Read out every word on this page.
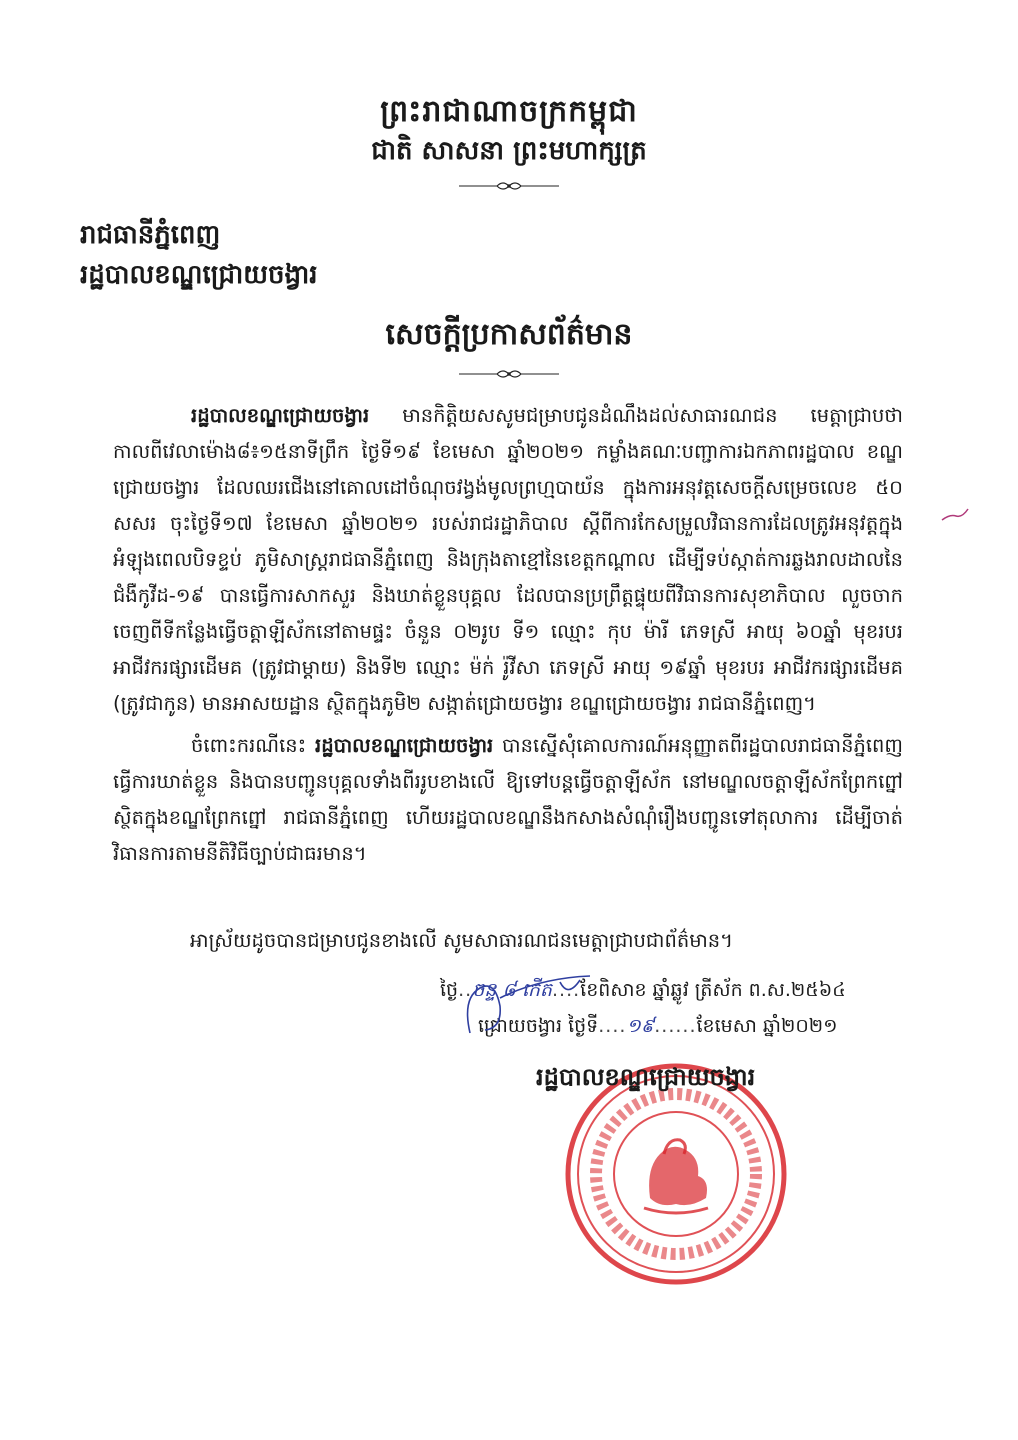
ព្រះរាជាណាចក្រកម្ពុជា
ជាតិ សាសនា ព្រះមហាក្សត្រ
រាជធានីភ្នំពេញ
រដ្ឋបាលខណ្ឌជ្រោយចង្វារ
សេចក្តីប្រកាសព័ត៌មាន

រដ្ឋបាលខណ្ឌជ្រោយចង្វារ មានកិត្តិយសសូមជម្រាបជូនដំណឹងដល់សាធារណជន មេត្តាជ្រាបថា កាលពីវេលាម៉ោង៨៖១៥នាទីព្រឹក ថ្ងៃទី១៩ ខែមេសា ឆ្នាំ២០២១ កម្លាំងគណៈបញ្ជាការឯកភាពរដ្ឋបាល ខណ្ឌជ្រោយចង្វារ ដែលឈរជើងនៅគោលដៅចំណុចវង្វង់មូលព្រហ្មបាយ័ន ក្នុងការអនុវត្តសេចក្តីសម្រេចលេខ ៥០ សសរ ចុះថ្ងៃទី១៧ ខែមេសា ឆ្នាំ២០២១ របស់រាជរដ្ឋាភិបាល ស្តីពីការកែសម្រួលវិធានការដែលត្រូវអនុវត្តក្នុងអំឡុងពេលបិទខ្ទប់ ភូមិសាស្ត្ររាជធានីភ្នំពេញ និងក្រុងតាខ្មៅនៃខេត្តកណ្តាល ដើម្បីទប់ស្កាត់ការឆ្លងរាលដាលនៃជំងឺកូវីដ-១៩ បានធ្វើការសាកសួរ និងឃាត់ខ្លួនបុគ្គល ដែលបានប្រព្រឹត្តផ្ទុយពីវិធានការសុខាភិបាល លួចចាកចេញពីទីកន្លែងធ្វើចត្តាឡីស័កនៅតាមផ្ទះ ចំនួន ០២រូប ទី១ ឈ្មោះ កុប ម៉ារី ភេទស្រី អាយុ ៦០ឆ្នាំ មុខរបរ អាជីវករផ្សារដើមគ (ត្រូវជាម្តាយ) និងទី២ ឈ្មោះ ម៉ក់ រ៉ូវីសា ភេទស្រី អាយុ ១៩ឆ្នាំ មុខរបរ អាជីវករផ្សារដើមគ (ត្រូវជាកូន) មានអាសយដ្ឋាន ស្ថិតក្នុងភូមិ២ សង្កាត់ជ្រោយចង្វារ ខណ្ឌជ្រោយចង្វារ រាជធានីភ្នំពេញ។

ចំពោះករណីនេះ រដ្ឋបាលខណ្ឌជ្រោយចង្វារ បានស្នើសុំគោលការណ៍អនុញ្ញាតពីរដ្ឋបាលរាជធានីភ្នំពេញ ធ្វើការឃាត់ខ្លួន និងបានបញ្ជូនបុគ្គលទាំងពីររូបខាងលើ ឱ្យទៅបន្តធ្វើចត្តាឡីស័ក នៅមណ្ឌលចត្តាឡីស័កព្រែកព្នៅ ស្ថិតក្នុងខណ្ឌព្រែកព្នៅ រាជធានីភ្នំពេញ ហើយរដ្ឋបាលខណ្ឌនឹងកសាងសំណុំរឿងបញ្ជូនទៅតុលាការ ដើម្បីចាត់វិធានការតាមនីតិវិធីច្បាប់ជាធរមាន។

អាស្រ័យដូចបានជម្រាបជូនខាងលើ សូមសាធារណជនមេត្តាជ្រាបជាព័ត៌មាន។
ថ្ងៃ..ចន្ទ ៨ កើត....ខែពិសាខ ឆ្នាំឆ្លូវ ត្រីស័ក ព.ស.២៥៦៤
ជ្រោយចង្វារ ថ្ងៃទី....១៩......ខែមេសា ឆ្នាំ២០២១
រដ្ឋបាលខណ្ឌជ្រោយចង្វារ
